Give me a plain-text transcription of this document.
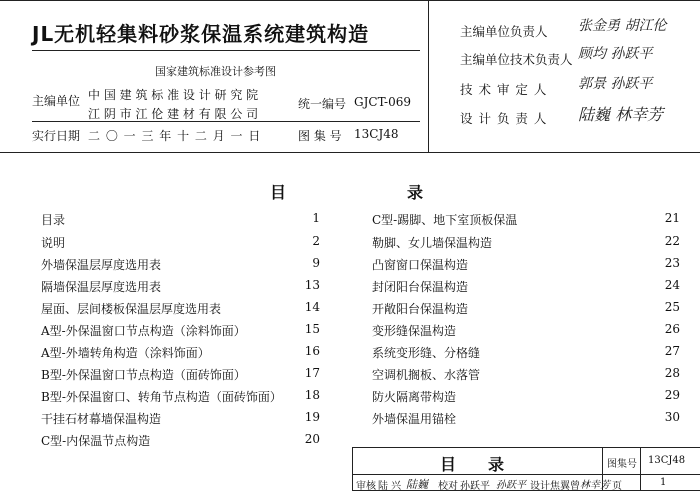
JL无机轻集料砂浆保温系统建筑构造
国家建筑标准设计参考图
主编单位 中 国 建 筑 标 准 设 计 研 究 院
江 阴 市 江 伦 建 材 有 限 公 司
统一编号 GJCT-069
实行日期 二 〇 一 三 年 十 二 月 一 日	图 集 号 13CJ48
主编单位负责人 张金勇 胡江伦
主编单位技术负责人 顾均 孙跃平
技 术 审 定 人 郭景 孙跃平
设 计 负 责 人 陆巍 林幸芳
目	录
目录	1
说明	2
外墙保温层厚度选用表	9
隔墙保温层厚度选用表	13
屋面、层间楼板保温层厚度选用表	14
A型-外保温窗口节点构造（涂料饰面）	15
A型-外墙转角构造（涂料饰面）	16
B型-外保温窗口节点构造（面砖饰面）	17
B型-外保温窗口、转角节点构造（面砖饰面）	18
干挂石材幕墙保温构造	19
C型-内保温节点构造	20
C型-踢脚、地下室顶板保温	21
勒脚、女儿墙保温构造	22
凸窗窗口保温构造	23
封闭阳台保温构造	24
开敞阳台保温构造	25
变形缝保温构造	26
系统变形缝、分格缝	27
空调机搁板、水落管	28
防火隔离带构造	29
外墙保温用锚栓	30
目　　录	图集号 13CJ48
审核 陆 兴 陆巍 校对 孙跃平 孙跃平 设计 焦翼曾 林幸芳 页	1
